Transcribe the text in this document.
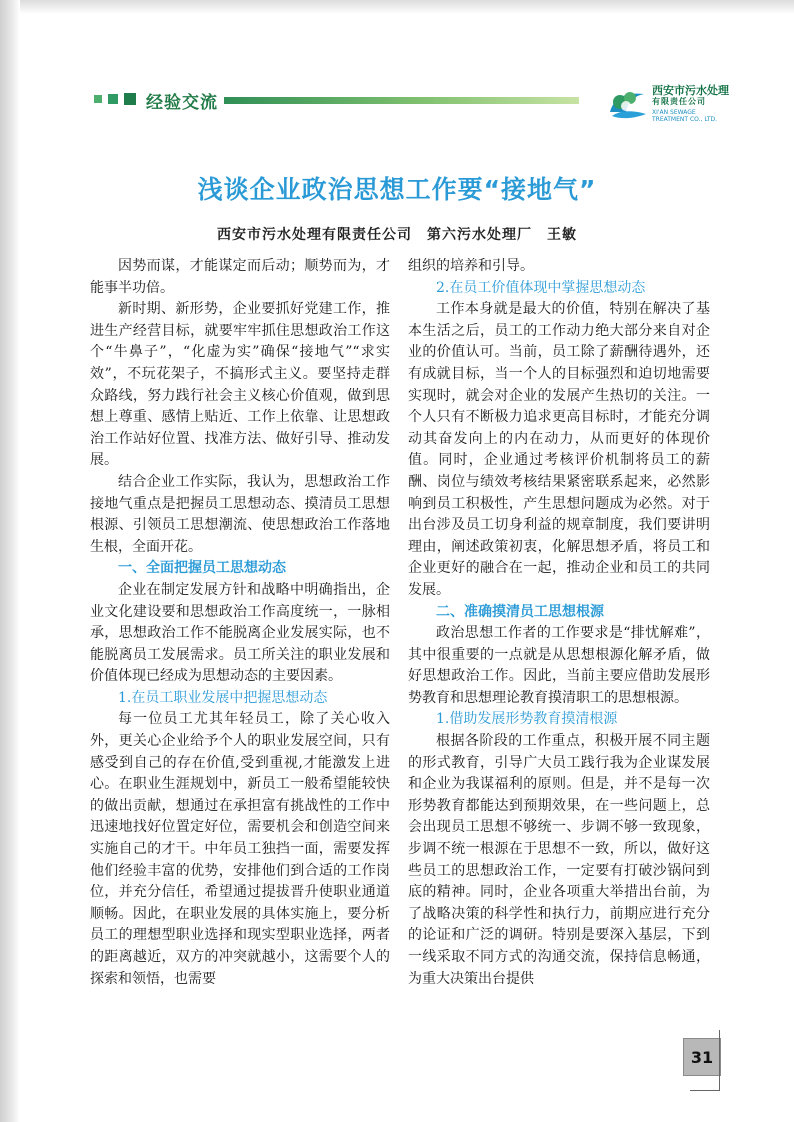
经验交流
西安市污水处理
有限责任公司
XI'AN SEWAGE
TREATMENT CO., LTD.
浅谈企业政治思想工作要“接地气”
西安市污水处理有限责任公司　第六污水处理厂　王敏

因势而谋，才能谋定而后动；顺势而为，才能事半功倍。

新时期、新形势，企业要抓好党建工作，推进生产经营目标，就要牢牢抓住思想政治工作这个“牛鼻子”，“化虚为实”确保“接地气”“求实效”，不玩花架子，不搞形式主义。要坚持走群众路线，努力践行社会主义核心价值观，做到思想上尊重、感情上贴近、工作上依靠、让思想政治工作站好位置、找准方法、做好引导、推动发展。

结合企业工作实际，我认为，思想政治工作接地气重点是把握员工思想动态、摸清员工思想根源、引领员工思想潮流、使思想政治工作落地生根，全面开花。

一、全面把握员工思想动态

企业在制定发展方针和战略中明确指出，企业文化建设要和思想政治工作高度统一，一脉相承，思想政治工作不能脱离企业发展实际，也不能脱离员工发展需求。员工所关注的职业发展和价值体现已经成为思想动态的主要因素。

1.在员工职业发展中把握思想动态

每一位员工尤其年轻员工，除了关心收入外，更关心企业给予个人的职业发展空间，只有感受到自己的存在价值,受到重视,才能激发上进心。在职业生涯规划中，新员工一般希望能较快的做出贡献，想通过在承担富有挑战性的工作中迅速地找好位置定好位，需要机会和创造空间来实施自己的才干。中年员工独挡一面，需要发挥他们经验丰富的优势，安排他们到合适的工作岗位，并充分信任，希望通过提拔晋升使职业通道顺畅。因此，在职业发展的具体实施上，要分析员工的理想型职业选择和现实型职业选择，两者的距离越近，双方的冲突就越小，这需要个人的探索和领悟，也需要

组织的培养和引导。

2.在员工价值体现中掌握思想动态

工作本身就是最大的价值，特别在解决了基本生活之后，员工的工作动力绝大部分来自对企业的价值认可。当前，员工除了薪酬待遇外，还有成就目标，当一个人的目标强烈和迫切地需要实现时，就会对企业的发展产生热切的关注。一个人只有不断极力追求更高目标时，才能充分调动其奋发向上的内在动力，从而更好的体现价值。同时，企业通过考核评价机制将员工的薪酬、岗位与绩效考核结果紧密联系起来，必然影响到员工积极性，产生思想问题成为必然。对于出台涉及员工切身利益的规章制度，我们要讲明理由，阐述政策初衷，化解思想矛盾，将员工和企业更好的融合在一起，推动企业和员工的共同发展。

二、准确摸清员工思想根源

政治思想工作者的工作要求是“排忧解难”，其中很重要的一点就是从思想根源化解矛盾，做好思想政治工作。因此，当前主要应借助发展形势教育和思想理论教育摸清职工的思想根源。

1.借助发展形势教育摸清根源

根据各阶段的工作重点，积极开展不同主题的形式教育，引导广大员工践行我为企业谋发展和企业为我谋福利的原则。但是，并不是每一次形势教育都能达到预期效果，在一些问题上，总会出现员工思想不够统一、步调不够一致现象，步调不统一根源在于思想不一致，所以，做好这些员工的思想政治工作，一定要有打破沙锅问到底的精神。同时，企业各项重大举措出台前，为了战略决策的科学性和执行力，前期应进行充分的论证和广泛的调研。特别是要深入基层，下到一线采取不同方式的沟通交流，保持信息畅通，为重大决策出台提供

31
